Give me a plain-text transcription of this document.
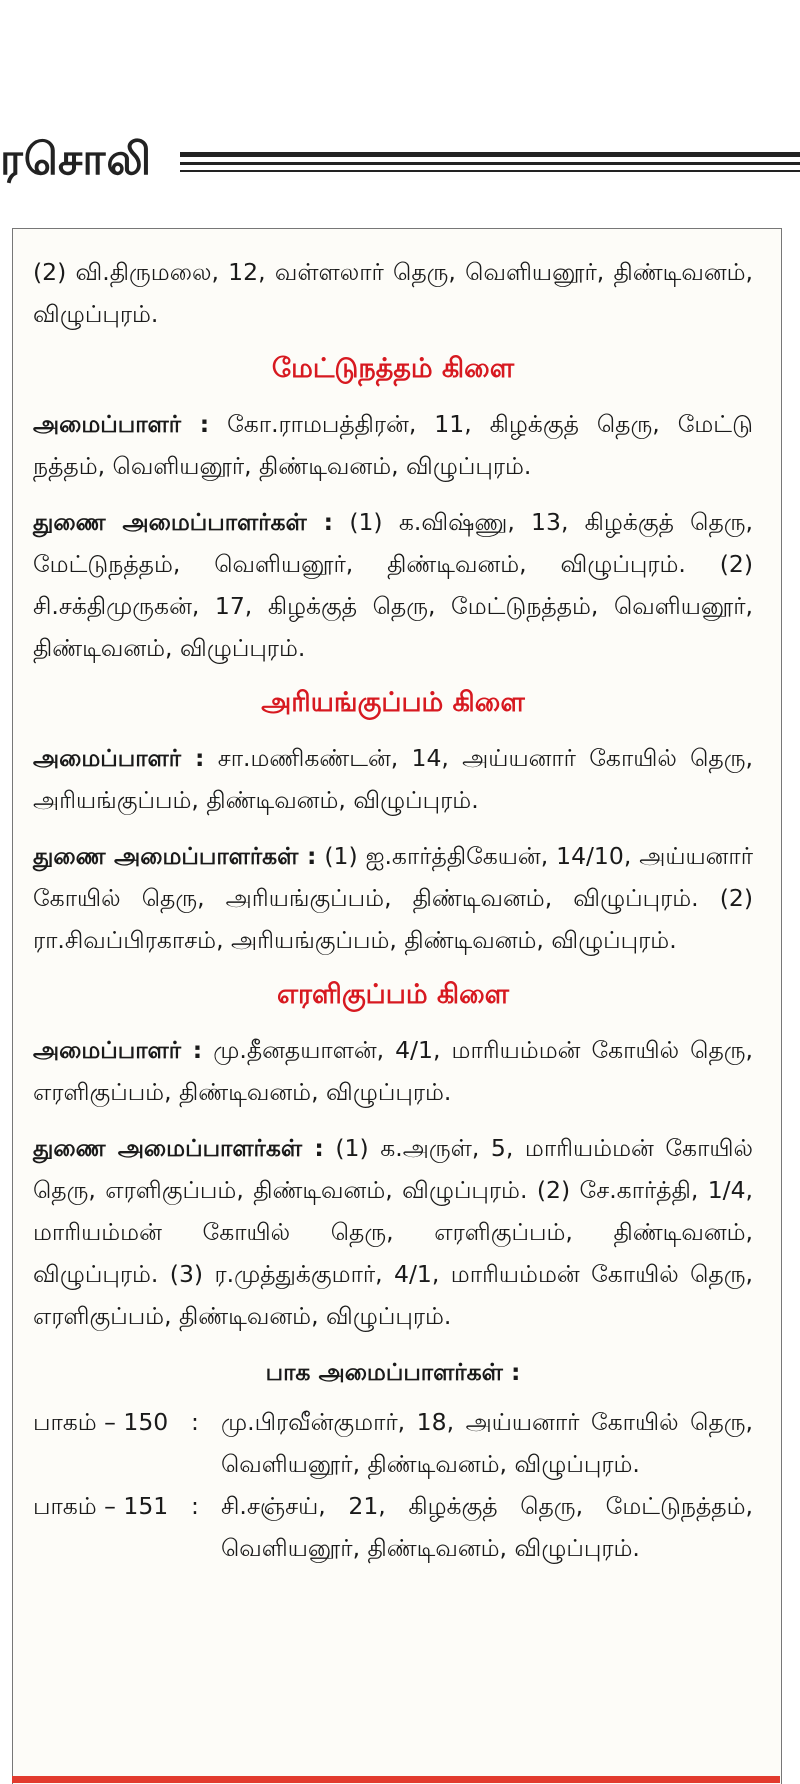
ரசொலி

(2) வி.திருமலை, 12, வள்ளலார் தெரு, வெளியனூர், திண்டிவனம், விழுப்புரம்.

மேட்டுநத்தம் கிளை

அமைப்பாளர் : கோ.ராமபத்திரன், 11, கிழக்குத் தெரு, மேட்டு நத்தம், வெளியனூர், திண்டிவனம், விழுப்புரம்.

துணை அமைப்பாளர்கள் : (1) க.விஷ்ணு, 13, கிழக்குத் தெரு, மேட்டுநத்தம், வெளியனூர், திண்டிவனம், விழுப்புரம். (2) சி.சக்திமுருகன், 17, கிழக்குத் தெரு, மேட்டுநத்தம், வெளியனூர், திண்டிவனம், விழுப்புரம்.

அரியங்குப்பம் கிளை

அமைப்பாளர் : சா.மணிகண்டன், 14, அய்யனார் கோயில் தெரு, அரியங்குப்பம், திண்டிவனம், விழுப்புரம்.

துணை அமைப்பாளர்கள் : (1) ஐ.கார்த்திகேயன், 14/10, அய்யனார் கோயில் தெரு, அரியங்குப்பம், திண்டிவனம், விழுப்புரம். (2) ரா.சிவப்பிரகாசம், அரியங்குப்பம், திண்டிவனம், விழுப்புரம்.

எரளிகுப்பம் கிளை

அமைப்பாளர் : மு.தீனதயாளன், 4/1, மாரியம்மன் கோயில் தெரு, எரளிகுப்பம், திண்டிவனம், விழுப்புரம்.

துணை அமைப்பாளர்கள் : (1) க.அருள், 5, மாரியம்மன் கோயில் தெரு, எரளிகுப்பம், திண்டிவனம், விழுப்புரம். (2) சே.கார்த்தி, 1/4, மாரியம்மன் கோயில் தெரு, எரளிகுப்பம், திண்டிவனம், விழுப்புரம். (3) ர.முத்துக்குமார், 4/1, மாரியம்மன் கோயில் தெரு, எரளிகுப்பம், திண்டிவனம், விழுப்புரம்.

பாக அமைப்பாளர்கள் :
பாகம் – 150 : மு.பிரவீன்குமார், 18, அய்யனார் கோயில் தெரு, வெளியனூர், திண்டிவனம், விழுப்புரம்.
பாகம் – 151 : சி.சஞ்சய், 21, கிழக்குத் தெரு, மேட்டுநத்தம், வெளியனூர், திண்டிவனம், விழுப்புரம்.
